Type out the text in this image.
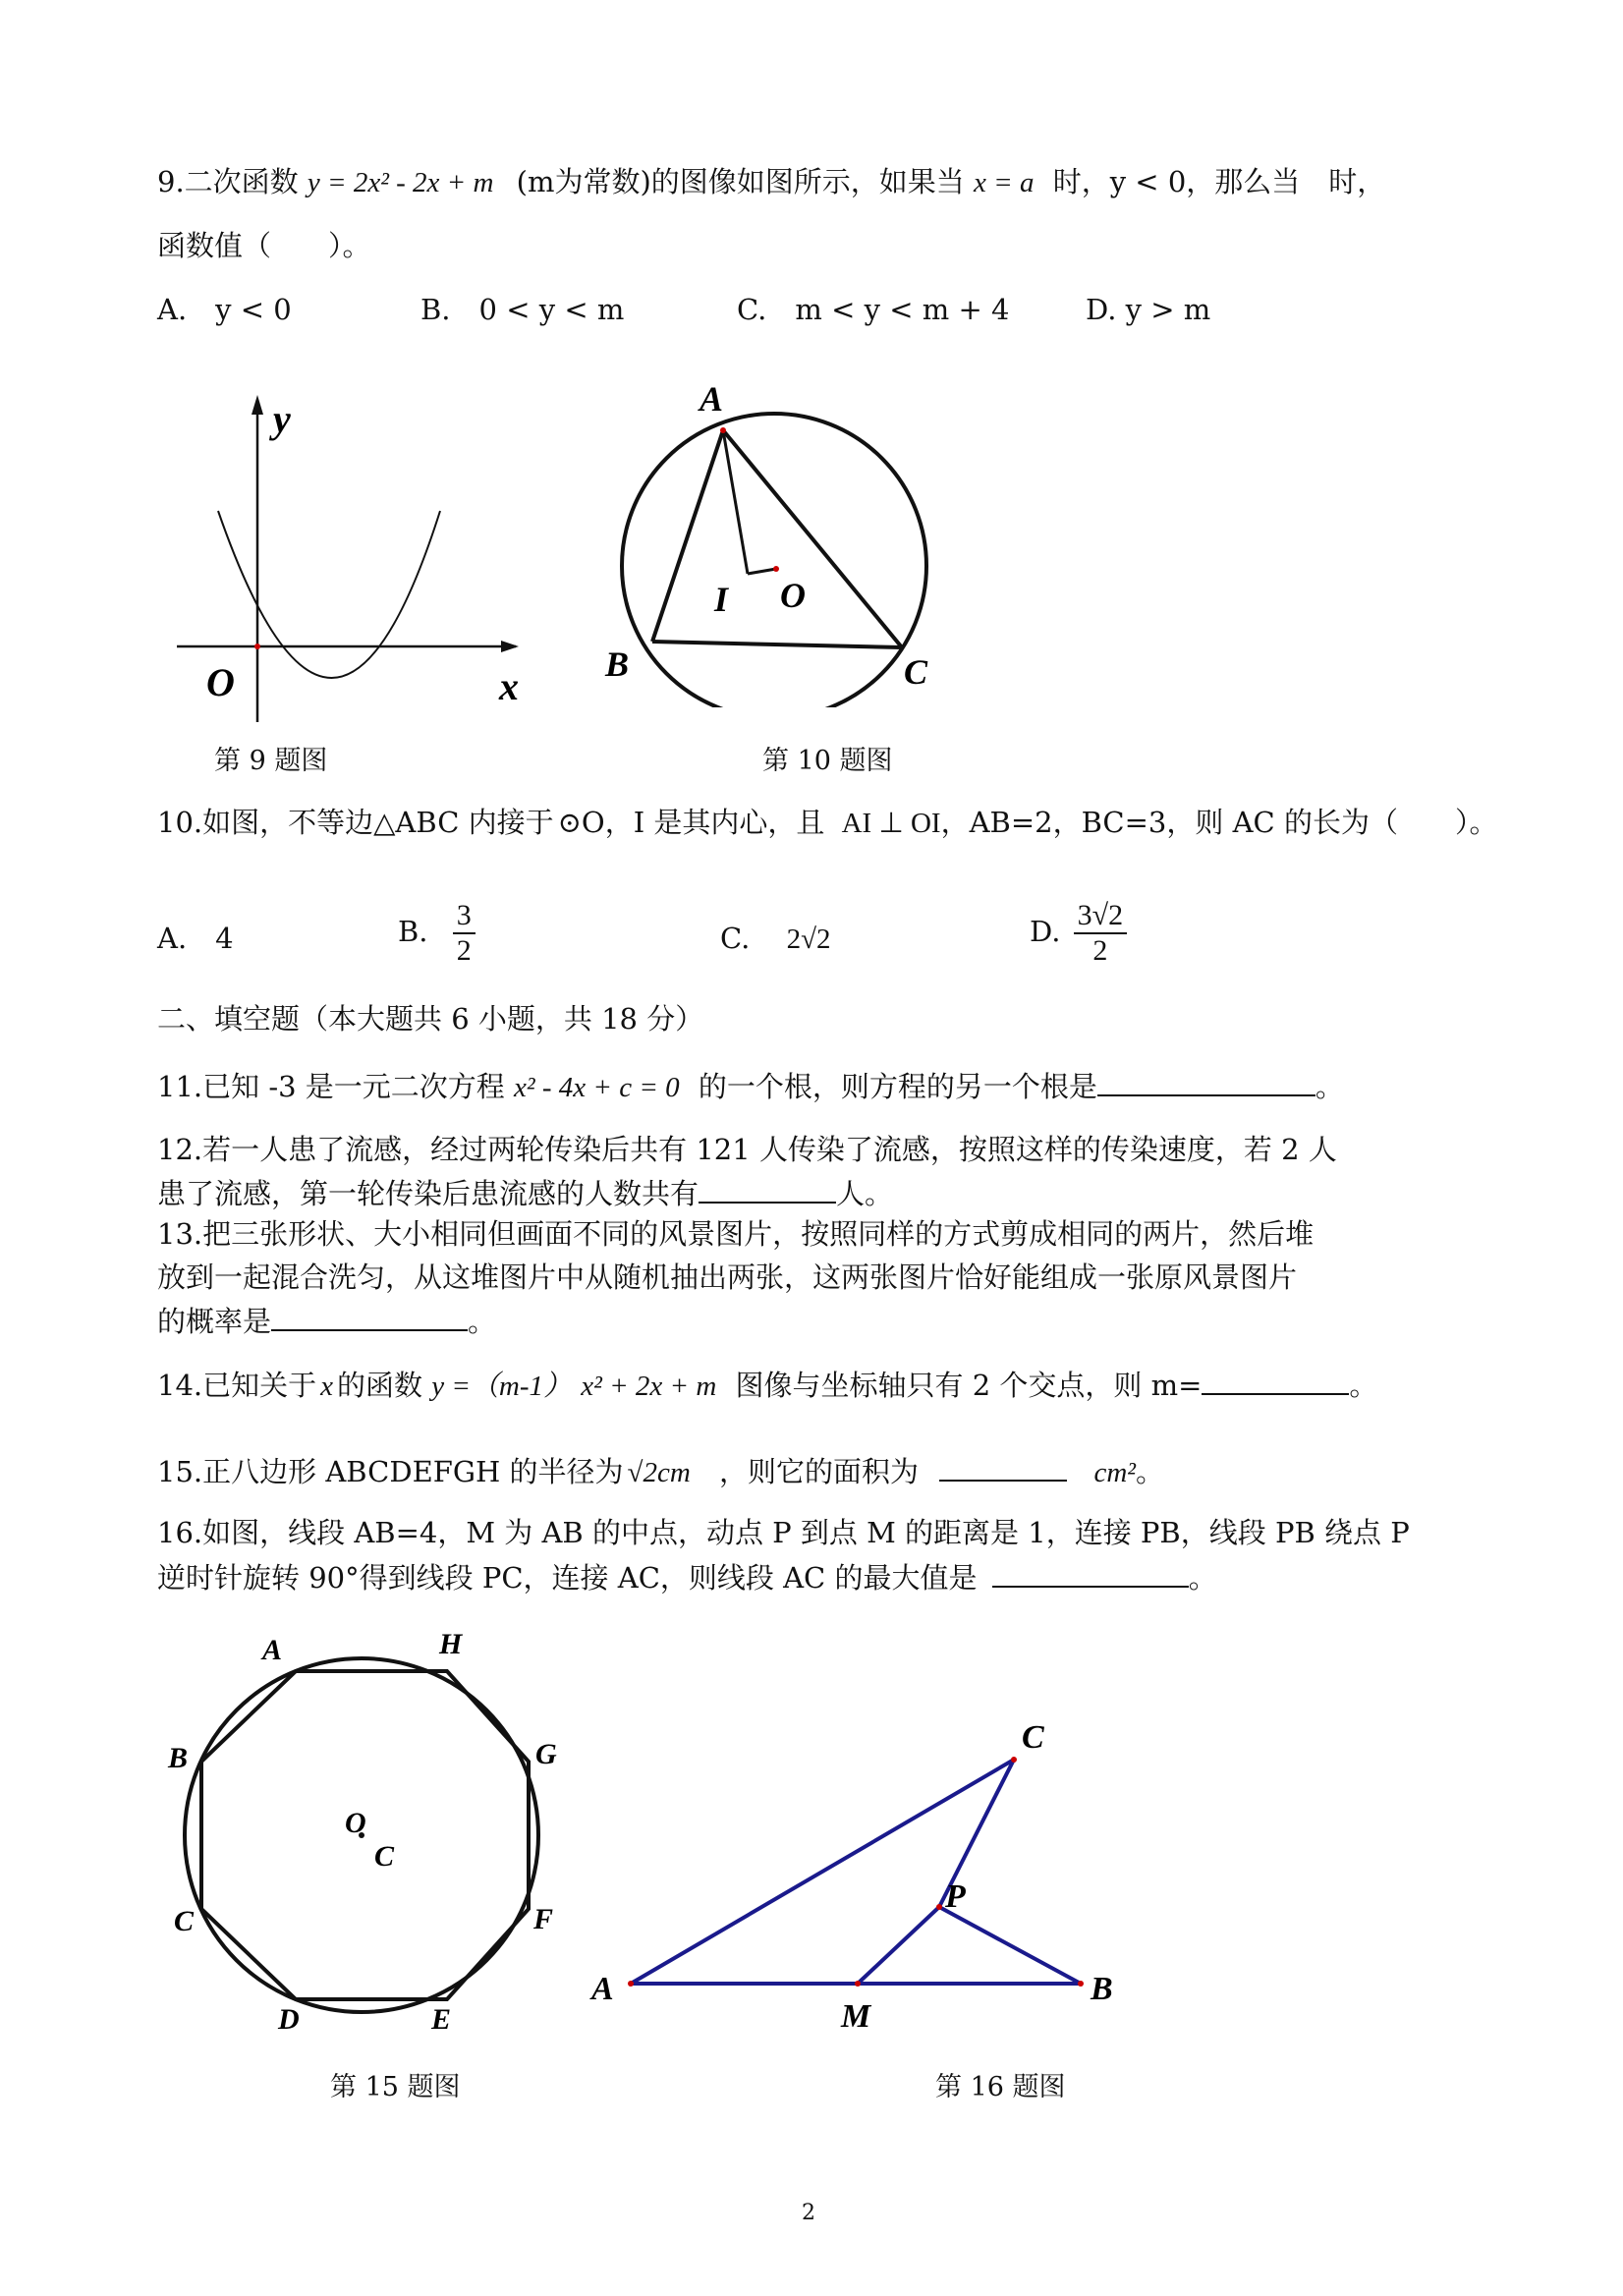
9.二次函数 y = 2x² - 2x + m (m为常数)的图像如图所示，如果当 x = a 时，y < 0，那么当　时，
函数值（　　）。
A.　y < 0	B.　0 < y < m	C.　m < y < m + 4	D. y > m
y
O	x
第 9 题图
A
B	C
I O
第 10 题图
10.如图，不等边△ABC 内接于 ⊙O，I 是其内心，且 AI ⊥ OI，AB=2，BC=3，则 AC 的长为（　　）。
A.　4	B. $\frac{3}{2}$	C. 2√2	D. $\frac{3√2}{2}$
二、填空题（本大题共 6 小题，共 18 分）
11.已知 -3 是一元二次方程 x² - 4x + c = 0 的一个根，则方程的另一个根是	。
12.若一人患了流感，经过两轮传染后共有 121 人传染了流感，按照这样的传染速度，若 2 人
患了流感，第一轮传染后患流感的人数共有	人。
13.把三张形状、大小相同但画面不同的风景图片，按照同样的方式剪成相同的两片，然后堆
放到一起混合洗匀，从这堆图片中从随机抽出两张，这两张图片恰好能组成一张原风景图片
的概率是	。
14.已知关于 x 的函数 y =（m-1） x² + 2x + m 图像与坐标轴只有 2 个交点，则 m=	。
15.正八边形 ABCDEFGH 的半径为 √2cm ，则它的面积为	cm²。
16.如图，线段 AB=4，M 为 AB 的中点，动点 P 到点 M 的距离是 1，连接 PB，线段 PB 绕点 P
逆时针旋转 90°得到线段 PC，连接 AC，则线段 AC 的最大值是	。
A	H
B	G
O
C
C	F
D	E
第 15 题图
C
P
A
M
B
第 16 题图
2
